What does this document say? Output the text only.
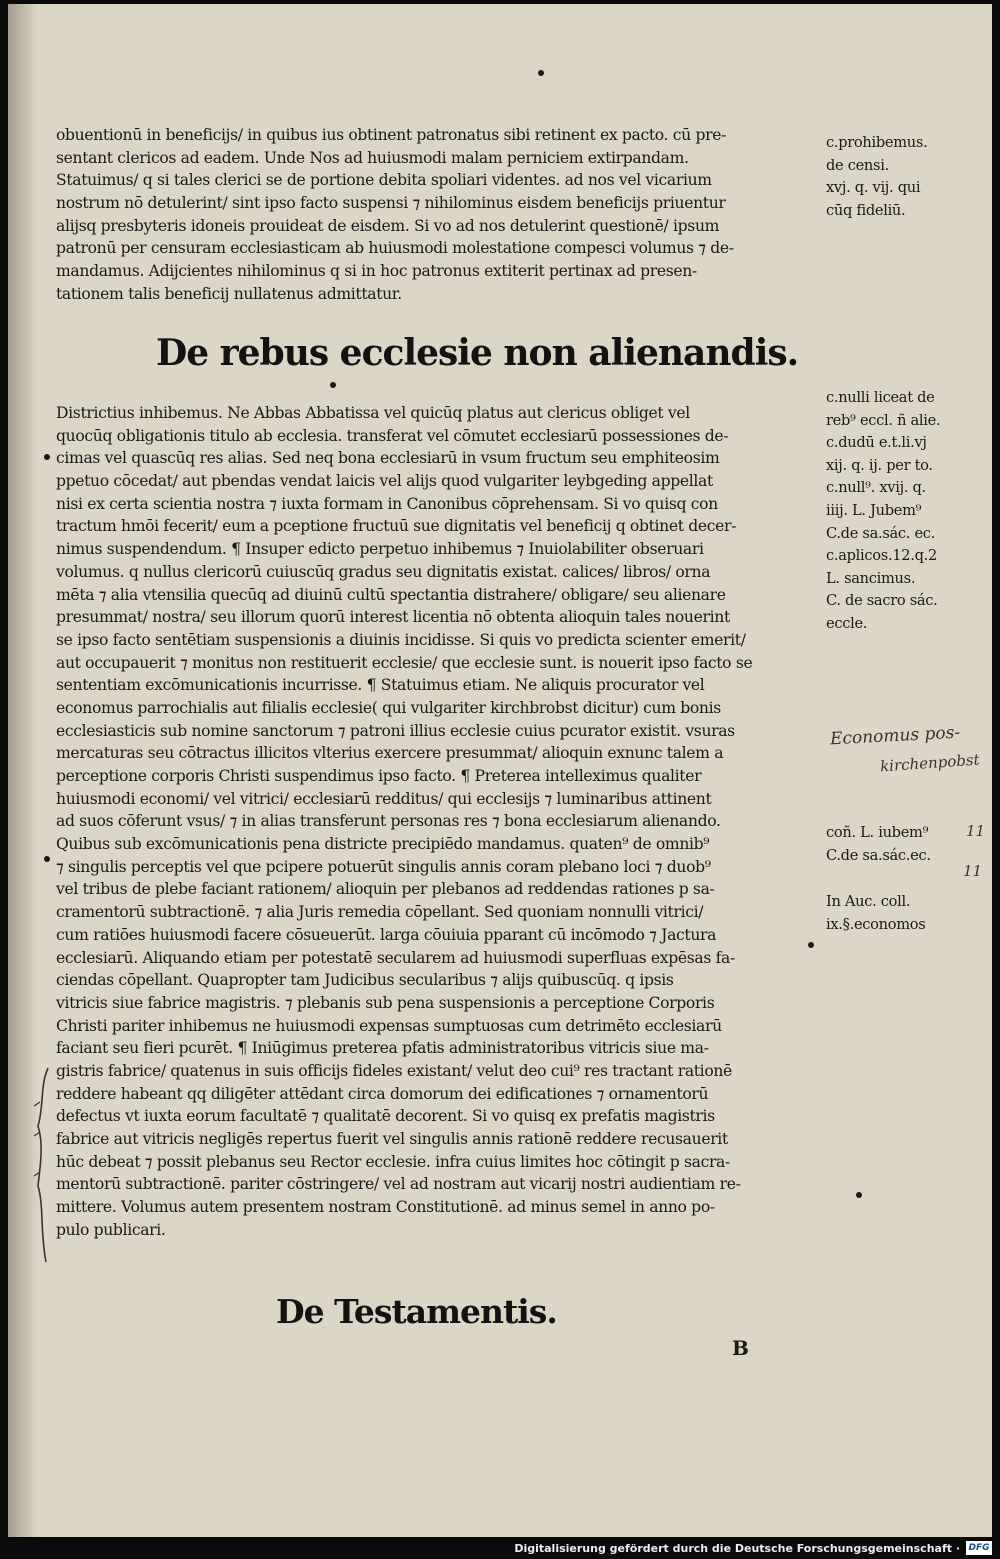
obuentionū in beneficijs/ in quibus ius obtinent patronatus sibi retinent ex pacto. cū pre-
sentant clericos ad eadem. Unde Nos ad huiusmodi malam perniciem extirpandam.
Statuimus/ q si tales clerici se de portione debita spoliari videntes. ad nos vel vicarium
nostrum nō detulerint/ sint ipso facto suspensi ⁊ nihilominus eisdem beneficijs priuentur
alijsq presbyteris idoneis prouideat de eisdem. Si vo ad nos detulerint questionē/ ipsum
patronū per censuram ecclesiasticam ab huiusmodi molestatione compesci volumus ⁊ de-
mandamus. Adijcientes nihilominus q si in hoc patronus extiterit pertinax ad presen-
tationem talis beneficij nullatenus admittatur.
De rebus ecclesie non alienandis.
Districtius inhibemus. Ne Abbas Abbatissa vel quicūq platus aut clericus obliget vel
quocūq obligationis titulo ab ecclesia. transferat vel cōmutet ecclesiarū possessiones de-
cimas vel quascūq res alias. Sed neq bona ecclesiarū in vsum fructum seu emphiteosim
ppetuo cōcedat/ aut pbendas vendat laicis vel alijs quod vulgariter leybgeding appellat
nisi ex certa scientia nostra ⁊ iuxta formam in Canonibus cōprehensam. Si vo quisq con
tractum hmōi fecerit/ eum a pceptione fructuū sue dignitatis vel beneficij q obtinet decer-
nimus suspendendum. ¶ Insuper edicto perpetuo inhibemus ⁊ Inuiolabiliter obseruari
volumus. q nullus clericorū cuiuscūq gradus seu dignitatis existat. calices/ libros/ orna
mēta ⁊ alia vtensilia quecūq ad diuinū cultū spectantia distrahere/ obligare/ seu alienare
presummat/ nostra/ seu illorum quorū interest licentia nō obtenta alioquin tales nouerint
se ipso facto sentētiam suspensionis a diuinis incidisse. Si quis vo predicta scienter emerit/
aut occupauerit ⁊ monitus non restituerit ecclesie/ que ecclesie sunt. is nouerit ipso facto se
sententiam excōmunicationis incurrisse. ¶ Statuimus etiam. Ne aliquis procurator vel
economus parrochialis aut filialis ecclesie( qui vulgariter kirchbrobst dicitur) cum bonis
ecclesiasticis sub nomine sanctorum ⁊ patroni illius ecclesie cuius pcurator existit. vsuras
mercaturas seu cōtractus illicitos vlterius exercere presummat/ alioquin exnunc talem a
perceptione corporis Christi suspendimus ipso facto. ¶ Preterea intelleximus qualiter
huiusmodi economi/ vel vitrici/ ecclesiarū redditus/ qui ecclesijs ⁊ luminaribus attinent
ad suos cōferunt vsus/ ⁊ in alias transferunt personas res ⁊ bona ecclesiarum alienando.
Quibus sub excōmunicationis pena districte precipiēdo mandamus. quaten⁹ de omnib⁹
⁊ singulis perceptis vel que pcipere potuerūt singulis annis coram plebano loci ⁊ duob⁹
vel tribus de plebe faciant rationem/ alioquin per plebanos ad reddendas rationes p sa-
cramentorū subtractionē. ⁊ alia Juris remedia cōpellant. Sed quoniam nonnulli vitrici/
cum ratiōes huiusmodi facere cōsueuerūt. larga cōuiuia pparant cū incōmodo ⁊ Jactura
ecclesiarū. Aliquando etiam per potestatē secularem ad huiusmodi superfluas expēsas fa-
ciendas cōpellant. Quapropter tam Judicibus secularibus ⁊ alijs quibuscūq. q ipsis
vitricis siue fabrice magistris. ⁊ plebanis sub pena suspensionis a perceptione Corporis
Christi pariter inhibemus ne huiusmodi expensas sumptuosas cum detrimēto ecclesiarū
faciant seu fieri pcurēt. ¶ Iniūgimus preterea pfatis administratoribus vitricis siue ma-
gistris fabrice/ quatenus in suis officijs fideles existant/ velut deo cui⁹ res tractant rationē
reddere habeant qq diligēter attēdant circa domorum dei edificationes ⁊ ornamentorū
defectus vt iuxta eorum facultatē ⁊ qualitatē decorent. Si vo quisq ex prefatis magistris
fabrice aut vitricis negligēs repertus fuerit vel singulis annis rationē reddere recusauerit
hūc debeat ⁊ possit plebanus seu Rector ecclesie. infra cuius limites hoc cōtingit p sacra-
mentorū subtractionē. pariter cōstringere/ vel ad nostram aut vicarij nostri audientiam re-
mittere. Volumus autem presentem nostram Constitutionē. ad minus semel in anno po-
pulo publicari.
De Testamentis.
c.prohibemus.
de censi.
xvj. q. vij. qui
cūq fideliū.
c.nulli liceat de
reb⁹ eccl. ñ alie.
c.dudū e.t.li.vj
xij. q. ij. per to.
c.null⁹. xvij. q.
iiij. L. Jubem⁹
C.de sa.sác. ec.
c.aplicos.12.q.2
L. sancimus.
C. de sacro sác.
eccle.
coñ. L. iubem⁹
C.de sa.sác.ec.
In Auc. coll.
ix.§.economos
Economus pos-
kirchenpobst
11
11
B
Digitalisierung gefördert durch die Deutsche Forschungsgemeinschaft · DFG
